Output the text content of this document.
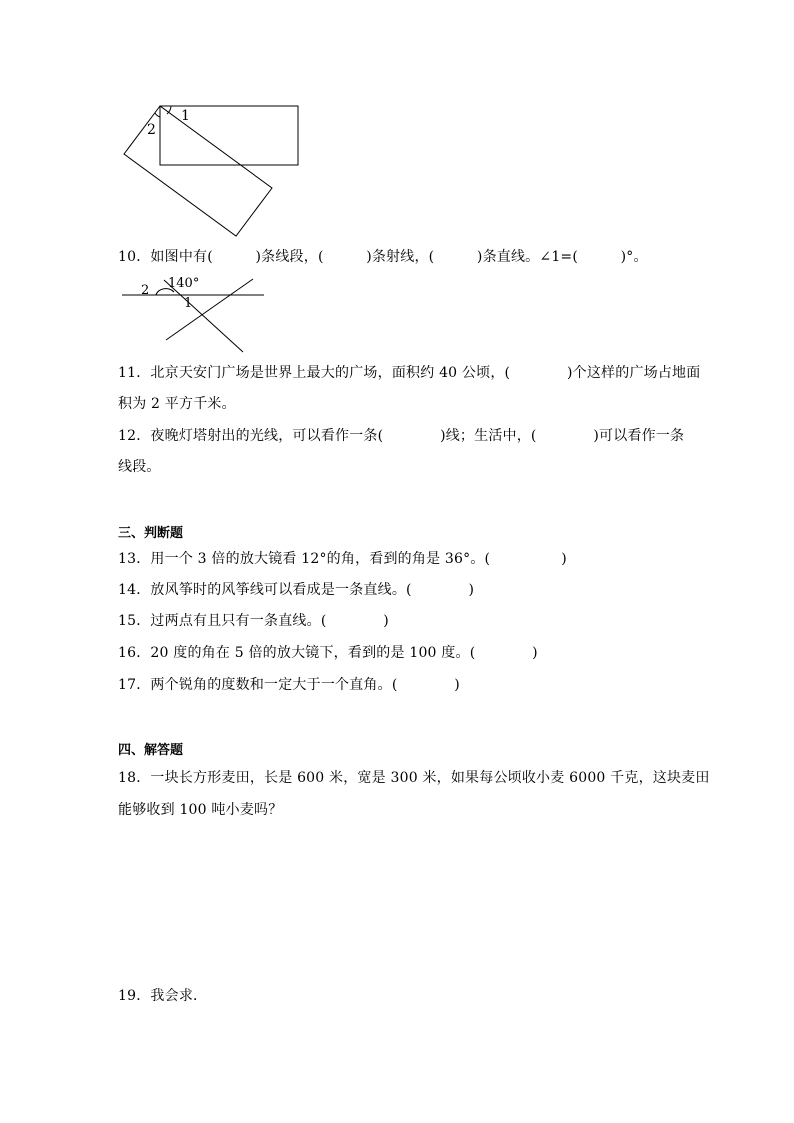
1
2
140°
2
1
10．如图中有(　　　)条线段，(　　　)条射线，(　　　)条直线。∠1=(　　　)°。
11．北京天安门广场是世界上最大的广场，面积约 40 公顷，(　　　　)个这样的广场占地面
积为 2 平方千米。
12．夜晚灯塔射出的光线，可以看作一条(　　　　)线；生活中，(　　　　)可以看作一条
线段。
三、判断题
13．用一个 3 倍的放大镜看 12°的角，看到的角是 36°。(　　　　　)
14．放风筝时的风筝线可以看成是一条直线。(　　　　)
15．过两点有且只有一条直线。(　　　　)
16．20 度的角在 5 倍的放大镜下，看到的是 100 度。(　　　　)
17．两个锐角的度数和一定大于一个直角。(　　　　)
四、解答题
18．一块长方形麦田，长是 600 米，宽是 300 米，如果每公顷收小麦 6000 千克，这块麦田
能够收到 100 吨小麦吗？
19．我会求．
